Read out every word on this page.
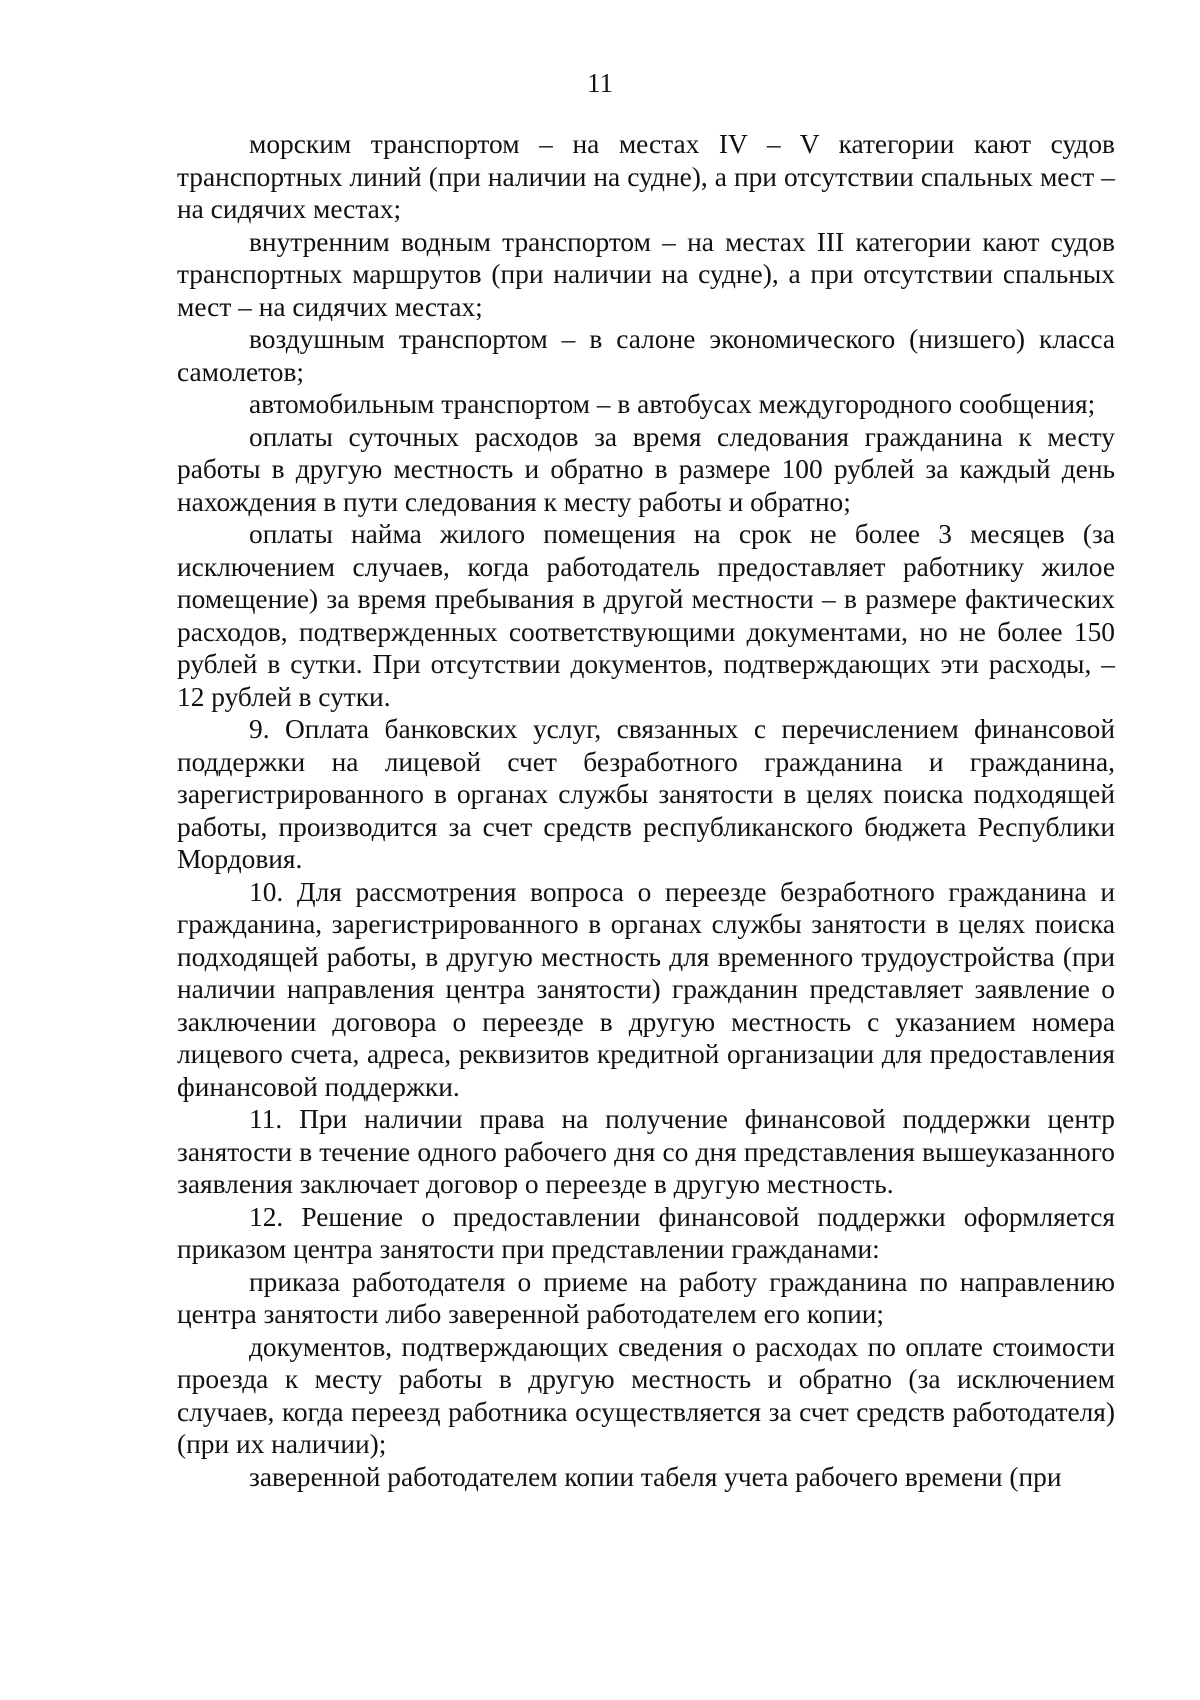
11

морским транспортом – на местах IV – V категории кают судов транспортных линий (при наличии на судне), а при отсутствии спальных мест – на сидячих местах;

внутренним водным транспортом – на местах III категории кают судов транспортных маршрутов (при наличии на судне), а при отсутствии спальных мест – на сидячих местах;

воздушным транспортом – в салоне экономического (низшего) класса самолетов;

автомобильным транспортом – в автобусах междугородного сообщения;

оплаты суточных расходов за время следования гражданина к месту работы в другую местность и обратно в размере 100 рублей за каждый день нахождения в пути следования к месту работы и обратно;

оплаты найма жилого помещения на срок не более 3 месяцев (за исключением случаев, когда работодатель предоставляет работнику жилое помещение) за время пребывания в другой местности – в размере фактических расходов, подтвержденных соответствующими документами, но не более 150 рублей в сутки. При отсутствии документов, подтверждающих эти расходы, – 12 рублей в сутки.

9. Оплата банковских услуг, связанных с перечислением финансовой поддержки на лицевой счет безработного гражданина и гражданина, зарегистрированного в органах службы занятости в целях поиска подходящей работы, производится за счет средств республиканского бюджета Республики Мордовия.

10. Для рассмотрения вопроса о переезде безработного гражданина и гражданина, зарегистрированного в органах службы занятости в целях поиска подходящей работы, в другую местность для временного трудоустройства (при наличии направления центра занятости) гражданин представляет заявление о заключении договора о переезде в другую местность с указанием номера лицевого счета, адреса, реквизитов кредитной организации для предоставления финансовой поддержки.

11. При наличии права на получение финансовой поддержки центр занятости в течение одного рабочего дня со дня представления вышеуказанного заявления заключает договор о переезде в другую местность.

12. Решение о предоставлении финансовой поддержки оформляется приказом центра занятости при представлении гражданами:

приказа работодателя о приеме на работу гражданина по направлению центра занятости либо заверенной работодателем его копии;

документов, подтверждающих сведения о расходах по оплате стоимости проезда к месту работы в другую местность и обратно (за исключением случаев, когда переезд работника осуществляется за счет средств работодателя) (при их наличии);

заверенной работодателем копии табеля учета рабочего времени (при
